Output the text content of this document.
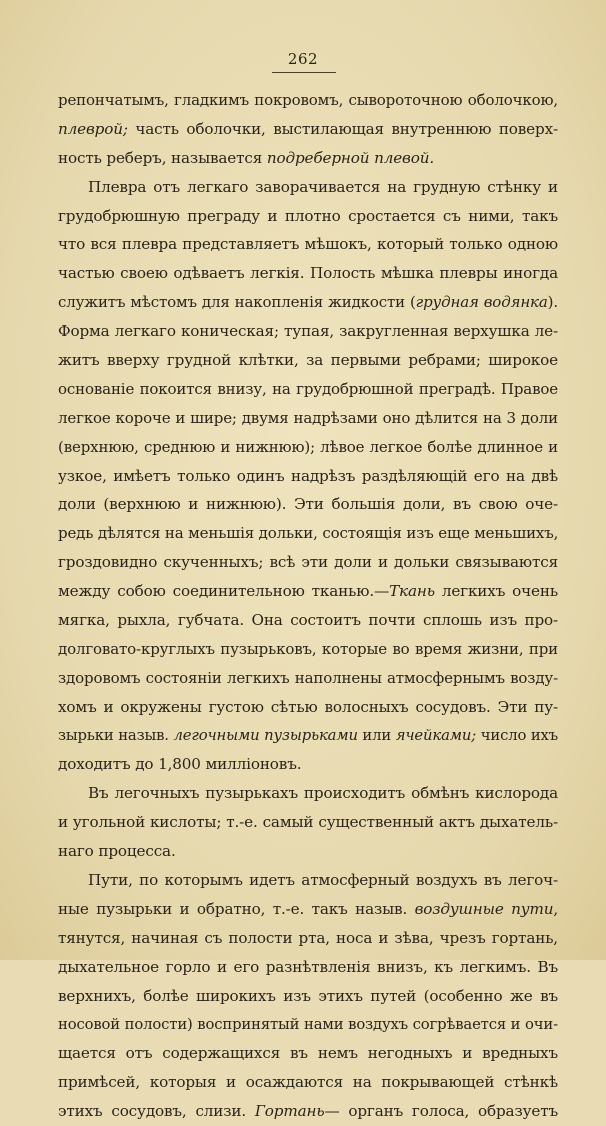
262
репончатымъ, гладкимъ покровомъ, сывороточною оболочкою,
плеврой; часть оболочки, выстилающая внутреннюю поверх-
ность реберъ, называется подреберной плевой.
Плевра отъ легкаго заворачивается на грудную стѣнку и
грудобрюшную преграду и плотно сростается съ ними, такъ
что вся плевра представляетъ мѣшокъ, который только одною
частью своею одѣваетъ легкія. Полость мѣшка плевры иногда
служитъ мѣстомъ для накопленія жидкости (грудная водянка).
Форма легкаго коническая; тупая, закругленная верхушка ле-
житъ вверху грудной клѣтки, за первыми ребрами; широкое
основаніе покоится внизу, на грудобрюшной преградѣ. Правое
легкое короче и шире; двумя надрѣзами оно дѣлится на 3 доли
(верхнюю, среднюю и нижнюю); лѣвое легкое болѣе длинное и
узкое, имѣетъ только одинъ надрѣзъ раздѣляющій его на двѣ
доли (верхнюю и нижнюю). Эти большія доли, въ свою оче-
редь дѣлятся на меньшія дольки, состоящія изъ еще меньшихъ,
гроздовидно скученныхъ; всѣ эти доли и дольки связываются
между собою соединительною тканью.—Ткань легкихъ очень
мягка, рыхла, губчата. Она состоитъ почти сплошь изъ про-
долговато-круглыхъ пузырьковъ, которые во время жизни, при
здоровомъ состояніи легкихъ наполнены атмосфернымъ возду-
хомъ и окружены густою сѣтью волосныхъ сосудовъ. Эти пу-
зырьки назыв. легочными пузырьками или ячейками; число ихъ
доходитъ до 1,800 милліоновъ.
Въ легочныхъ пузырькахъ происходитъ обмѣнъ кислорода
и угольной кислоты; т.-е. самый существенный актъ дыхатель-
наго процесса.
Пути, по которымъ идетъ атмосферный воздухъ въ легоч-
ные пузырьки и обратно, т.-е. такъ назыв. воздушные пути,
тянутся, начиная съ полости рта, носа и зѣва, чрезъ гортань,
дыхательное горло и его разнѣтвленія внизъ, къ легкимъ. Въ
верхнихъ, болѣе широкихъ изъ этихъ путей (особенно же въ
носовой полости) воспринятый нами воздухъ согрѣвается и очи-
щается отъ содержащихся въ немъ негодныхъ и вредныхъ
примѣсей, которыя и осаждаются на покрывающей стѣнкѣ
этихъ сосудовъ, слизи. Гортань— органъ голоса, образуетъ
